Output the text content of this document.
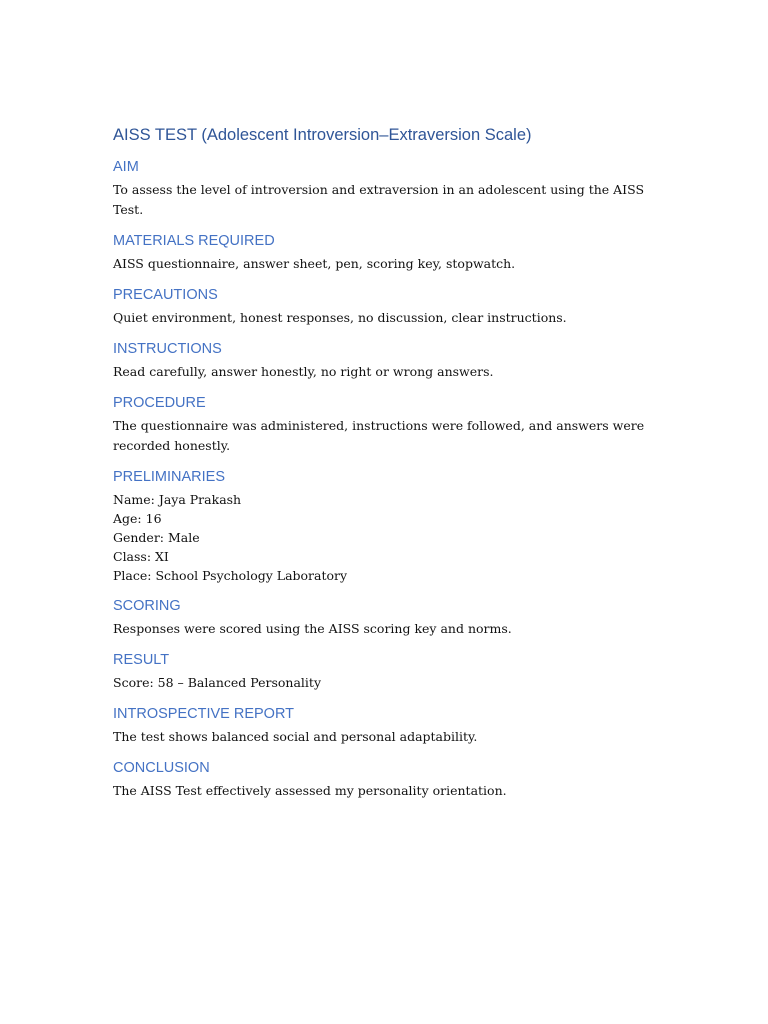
AISS TEST (Adolescent Introversion–Extraversion Scale)
AIM

To assess the level of introversion and extraversion in an adolescent using the AISS Test.

MATERIALS REQUIRED

AISS questionnaire, answer sheet, pen, scoring key, stopwatch.

PRECAUTIONS

Quiet environment, honest responses, no discussion, clear instructions.

INSTRUCTIONS

Read carefully, answer honestly, no right or wrong answers.

PROCEDURE

The questionnaire was administered, instructions were followed, and answers were recorded honestly.

PRELIMINARIES

Name: Jaya Prakash

Age: 16

Gender: Male

Class: XI

Place: School Psychology Laboratory

SCORING

Responses were scored using the AISS scoring key and norms.

RESULT

Score: 58 – Balanced Personality

INTROSPECTIVE REPORT

The test shows balanced social and personal adaptability.

CONCLUSION

The AISS Test effectively assessed my personality orientation.
